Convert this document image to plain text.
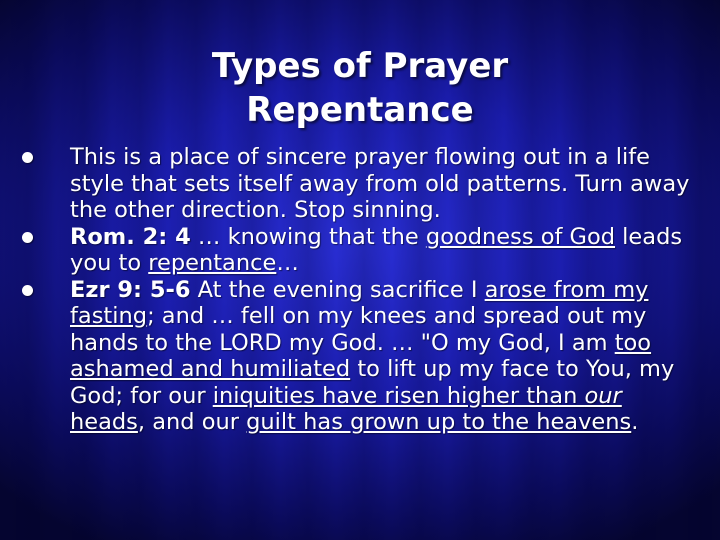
Types of Prayer
Repentance
This is a place of sincere prayer flowing out in a life style that sets itself away from old patterns. Turn away the other direction. Stop sinning.
Rom. 2: 4 … knowing that the goodness of God leads you to repentance…
Ezr 9: 5-6 At the evening sacrifice I arose from my fasting; and … fell on my knees and spread out my hands to the LORD my God. … "O my God, I am too ashamed and humiliated to lift up my face to You, my God; for our iniquities have risen higher than our heads, and our guilt has grown up to the heavens.
